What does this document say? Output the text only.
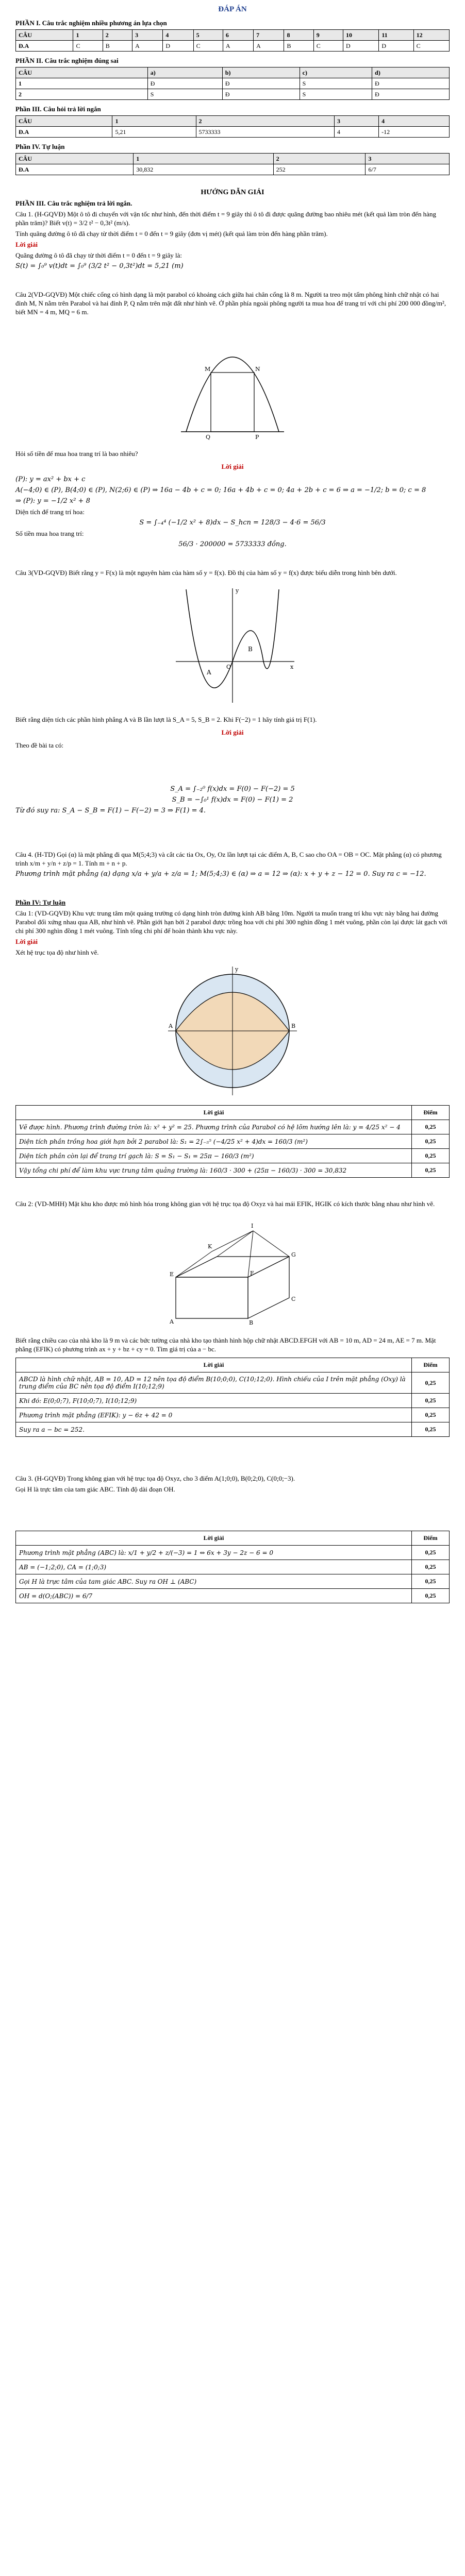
ĐÁP ÁN
PHẦN I. Câu trắc nghiệm nhiều phương án lựa chọn
CÂU	1	2	3	4	5	6	7	8	9	10	11	12
Đ.A	C	B	A	D	C	A	A	B	C	D	D	C
PHẦN II. Câu trắc nghiệm đúng sai
CÂU	a)	b)	c)	d)
1	Đ	Đ	S	Đ
2	S	Đ	S	Đ
Phần III. Câu hỏi trả lời ngắn
CÂU	1	2	3	4
Đ.A	5,21	5733333	4	-12
Phần IV. Tự luận
CÂU	1	2	3
Đ.A	30,832	252	6/7
HƯỚNG DẪN GIẢI

PHẦN III. Câu trắc nghiệm trả lời ngắn.

Câu 1. (H-GQVĐ) Một ô tô đi chuyển với vận tốc như hình, đến thời điểm t = 9 giây thì ô tô đi được quãng đường bao nhiêu mét (kết quả làm tròn đến hàng phần trăm)? Biết v(t) = 3/2 t² − 0,3t² (m/s).

Tính quãng đường ô tô đã chạy từ thời điểm t = 0 đến t = 9 giây (đơn vị mét) (kết quả làm tròn đến hàng phần trăm).

Lời giải

Quãng đường ô tô đã chạy từ thời điểm t = 0 đến t = 9 giây là:

S(t) = ∫₀⁹ v(t)dt = ∫₀⁹ (3/2 t² − 0,3t²)dt = 5,21 (m)

Câu 2(VD-GQVĐ) Một chiếc cổng có hình dạng là một parabol có khoảng cách giữa hai chân cổng là 8 m. Người ta treo một tấm phông hình chữ nhật có hai đỉnh M, N nằm trên Parabol và hai đỉnh P, Q nằm trên mặt đất như hình vẽ. Ở phần phía ngoài phông người ta mua hoa để trang trí với chi phí 200 000 đồng/m², biết MN = 4 m, MQ = 6 m.

M	N
Q	P

Hỏi số tiền để mua hoa trang trí là bao nhiêu?

Lời giải

(P): y = ax² + bx + c

A(−4;0) ∈ (P), B(4;0) ∈ (P), N(2;6) ∈ (P) ⇒ 16a − 4b + c = 0; 16a + 4b + c = 0; 4a + 2b + c = 6 ⇒ a = −1/2; b = 0; c = 8

⇒ (P): y = −1/2 x² + 8

Diện tích để trang trí hoa:

S = ∫₋₄⁴ (−1/2 x² + 8)dx − S_hcn = 128/3 − 4·6 = 56/3

Số tiền mua hoa trang trí:

56/3 · 200000 = 5733333 đồng.

Câu 3(VD-GQVĐ) Biết rằng y = F(x) là một nguyên hàm của hàm số y = f(x). Đồ thị của hàm số y = f(x) được biểu diễn trong hình bên dưới.

A
B
y
x
O

Biết rằng diện tích các phần hình phẳng A và B lần lượt là S_A = 5, S_B = 2. Khi F(−2) = 1 hãy tính giá trị F(1).

Lời giải

Theo đề bài ta có:

S_A = ∫₋₂⁰ f(x)dx = F(0) − F(−2) = 5

S_B = −∫₀¹ f(x)dx = F(0) − F(1) = 2

Từ đó suy ra: S_A − S_B = F(1) − F(−2) = 3 ⇒ F(1) = 4.

Câu 4. (H-TD) Gọi (α) là mặt phẳng đi qua M(5;4;3) và cắt các tia Ox, Oy, Oz lần lượt tại các điểm A, B, C sao cho OA = OB = OC. Mặt phẳng (α) có phương trình x/m + y/n + z/p = 1. Tính m + n + p.

Phương trình mặt phẳng (α) dạng x/a + y/a + z/a = 1; M(5;4;3) ∈ (α) ⇒ a = 12 ⇒ (α): x + y + z − 12 = 0. Suy ra c = −12.

Phần IV: Tự luận

Câu 1: (VD-GQVĐ) Khu vực trung tâm một quảng trường có dạng hình tròn đường kính AB bằng 10m. Người ta muốn trang trí khu vực này bằng hai đường Parabol đối xứng nhau qua AB, như hình vẽ. Phần giới hạn bởi 2 parabol được trồng hoa với chi phí 300 nghìn đồng 1 mét vuông, phần còn lại được lát gạch với chi phí 300 nghìn đồng 1 mét vuông. Tính tổng chi phí để hoàn thành khu vực này.

Lời giải

Xét hệ trục tọa độ như hình vẽ.

A	B
y
Lời giải	Điểm
Vẽ được hình. Phương trình đường tròn là: x² + y² = 25. Phương trình của Parabol có hệ lõm hướng lên là: y = 4/25 x² − 4	0,25
Diện tích phần trồng hoa giới hạn bởi 2 parabol là: S₁ = 2∫₋₅⁵ (−4/25 x² + 4)dx = 160/3 (m²)	0,25
Diện tích phần còn lại để trang trí gạch là: S = S₁ − S₁ = 25π − 160/3 (m²)	0,25
Vậy tổng chi phí để làm khu vực trung tâm quảng trường là: 160/3 · 300 + (25π − 160/3) · 300 = 30,832	0,25

Câu 2: (VD-MHH) Mặt khu kho được mô hình hóa trong không gian với hệ trục tọa độ Oxyz và hai mái EFIK, HGIK có kích thước bằng nhau như hình vẽ.

A	B
C
E	F
G
I
K

Biết rằng chiều cao của nhà kho là 9 m và các bức tường của nhà kho tạo thành hình hộp chữ nhật ABCD.EFGH với AB = 10 m, AD = 24 m, AE = 7 m. Mặt phẳng (EFIK) có phương trình ax + y + bz + cy = 0. Tìm giá trị của a − bc.

Lời giải	Điểm
ABCD là hình chữ nhật, AB = 10, AD = 12 nên tọa độ điểm B(10;0;0), C(10;12;0). Hình chiếu của I trên mặt phẳng (Oxy) là trung điểm của BC nên tọa độ điểm I(10;12;9)	0,25
Khi đó: E(0;0;7), F(10;0;7), I(10;12;9)	0,25
Phương trình mặt phẳng (EFIK): y − 6z + 42 = 0	0,25
Suy ra a − bc = 252.	0,25

Câu 3. (H-GQVĐ) Trong không gian với hệ trục tọa độ Oxyz, cho 3 điểm A(1;0;0), B(0;2;0), C(0;0;−3).

Gọi H là trực tâm của tam giác ABC. Tính độ dài đoạn OH.

Lời giải	Điểm
Phương trình mặt phẳng (ABC) là: x/1 + y/2 + z/(−3) = 1 ⇔ 6x + 3y − 2z − 6 = 0	0,25
AB = (−1;2;0), CA = (1;0;3)	0,25
Gọi H là trực tâm của tam giác ABC. Suy ra OH ⊥ (ABC)	0,25
OH = d(O;(ABC)) = 6/7	0,25
